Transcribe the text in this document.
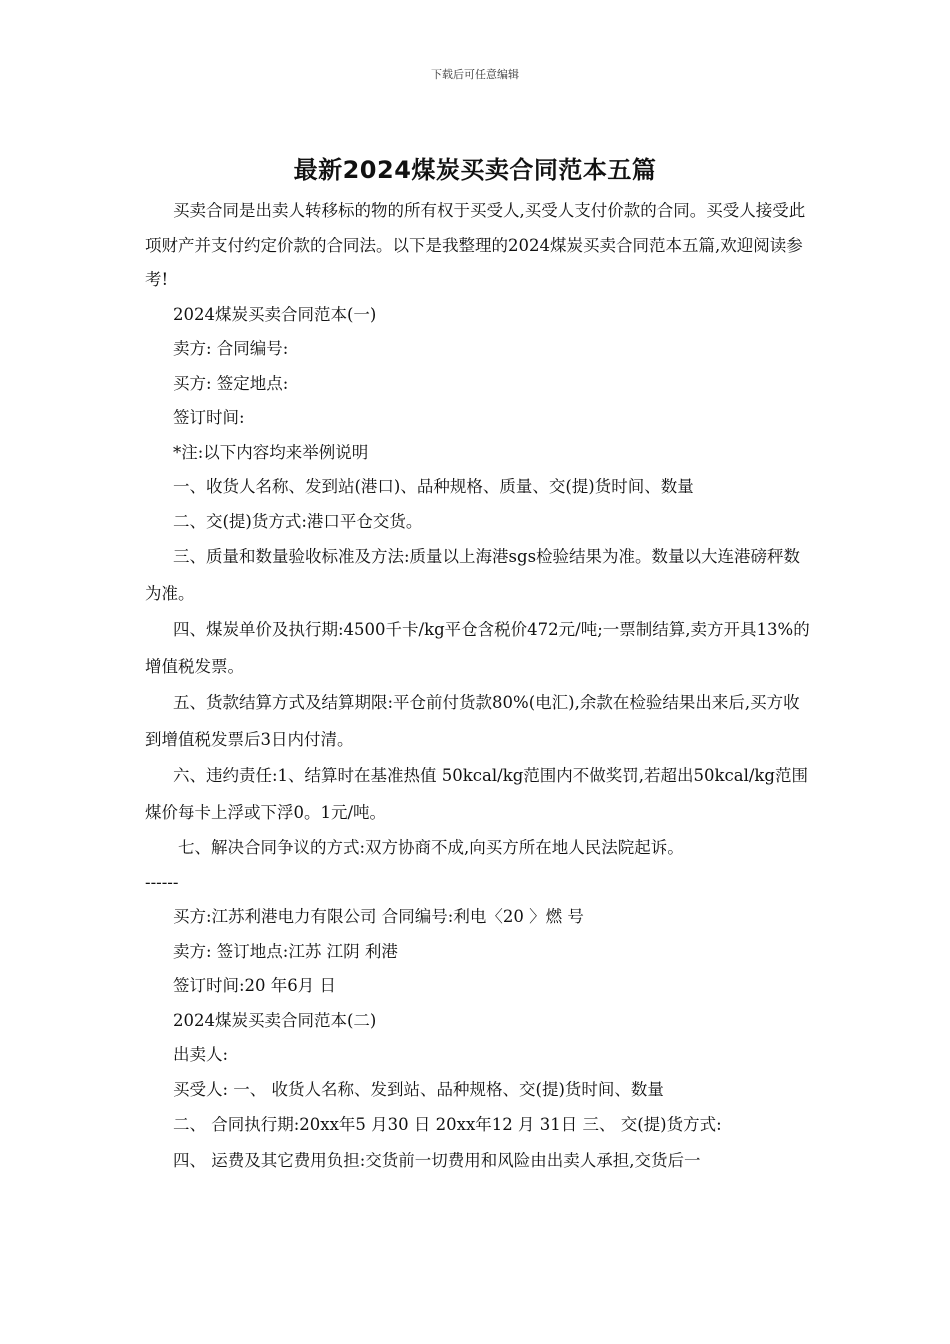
下载后可任意编辑
最新2024煤炭买卖合同范本五篇

买卖合同是出卖人转移标的物的所有权于买受人,买受人支付价款的合同。买受人接受此项财产并支付约定价款的合同法。以下是我整理的2024煤炭买卖合同范本五篇,欢迎阅读参考!

2024煤炭买卖合同范本(一)

卖方: 合同编号:

买方: 签定地点:

签订时间:

*注:以下内容均来举例说明

一、收货人名称、发到站(港口)、品种规格、质量、交(提)货时间、数量

二、交(提)货方式:港口平仓交货。

三、质量和数量验收标准及方法:质量以上海港sgs检验结果为准。数量以大连港磅秤数为准。

四、煤炭单价及执行期:4500千卡/kg平仓含税价472元/吨;一票制结算,卖方开具13%的增值税发票。

五、货款结算方式及结算期限:平仓前付货款80%(电汇),余款在检验结果出来后,买方收到增值税发票后3日内付清。

六、违约责任:1、结算时在基准热值 50kcal/kg范围内不做奖罚,若超出50kcal/kg范围煤价每卡上浮或下浮0。1元/吨。

七、解决合同争议的方式:双方协商不成,向买方所在地人民法院起诉。

------

买方:江苏利港电力有限公司 合同编号:利电〈20 〉燃 号

卖方: 签订地点:江苏 江阴 利港

签订时间:20 年6月 日

2024煤炭买卖合同范本(二)

出卖人:

买受人: 一、 收货人名称、发到站、品种规格、交(提)货时间、数量

二、 合同执行期:20xx年5 月30 日 20xx年12 月 31日 三、 交(提)货方式:

四、 运费及其它费用负担:交货前一切费用和风险由出卖人承担,交货后一
